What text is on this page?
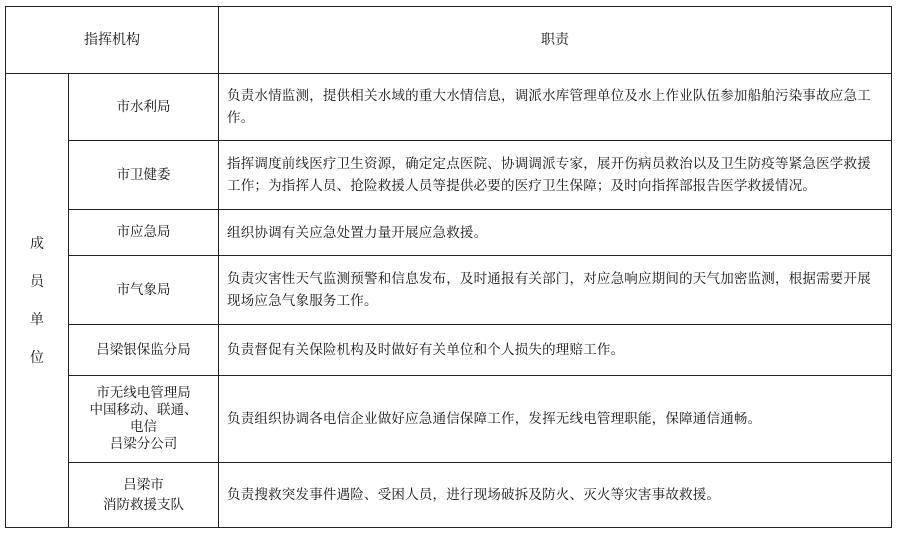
指挥机构		职责

成
员
单
位	市水利局	负责水情监测，提供相关水域的重大水情信息，调派水库管理单位及水上作业队伍参加船舶污染事故应急工作。

	市卫健委	指挥调度前线医疗卫生资源，确定定点医院、协调调派专家，展开伤病员救治以及卫生防疫等紧急医学救援工作；为指挥人员、抢险救援人员等提供必要的医疗卫生保障；及时向指挥部报告医学救援情况。

	市应急局	组织协调有关应急处置力量开展应急救援。

	市气象局	负责灾害性天气监测预警和信息发布，及时通报有关部门，对应急响应期间的天气加密监测，根据需要开展现场应急气象服务工作。

	吕梁银保监分局	负责督促有关保险机构及时做好有关单位和个人损失的理赔工作。

	市无线电管理局
中国移动、联通、
电信
吕梁分公司	负责组织协调各电信企业做好应急通信保障工作，发挥无线电管理职能，保障通信通畅。

	吕梁市
消防救援支队	负责搜救突发事件遇险、受困人员，进行现场破拆及防火、灭火等灾害事故救援。
